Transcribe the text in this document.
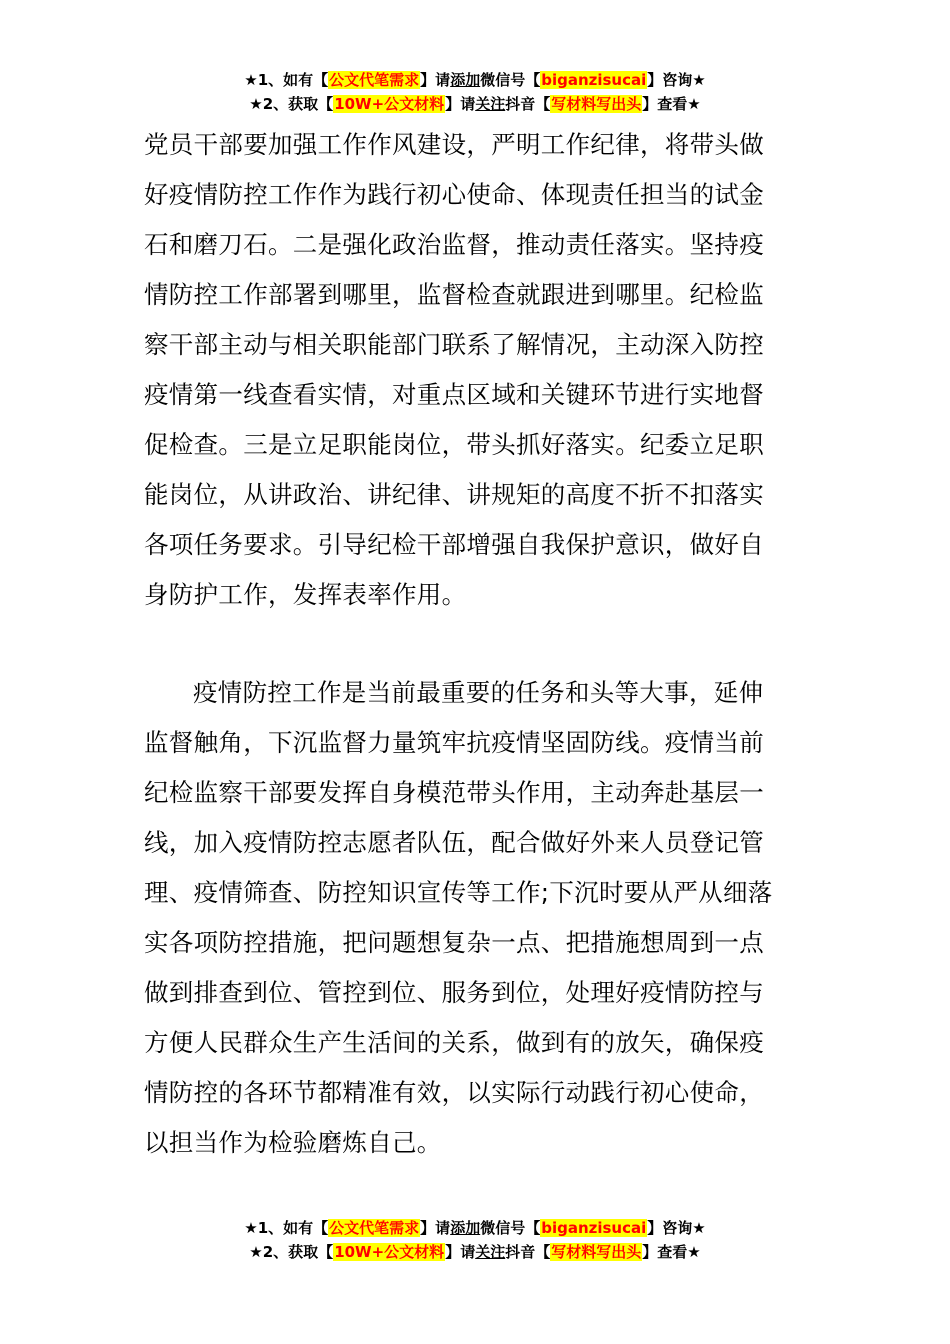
★1、如有【公文代笔需求】请添加微信号【biganzisucai】咨询★
★2、获取【10W+公文材料】请关注抖音【写材料写出头】查看★
党员干部要加强工作作风建设，严明工作纪律，将带头做
好疫情防控工作作为践行初心使命、体现责任担当的试金
石和磨刀石。二是强化政治监督，推动责任落实。坚持疫
情防控工作部署到哪里，监督检查就跟进到哪里。纪检监
察干部主动与相关职能部门联系了解情况，主动深入防控
疫情第一线查看实情，对重点区域和关键环节进行实地督
促检查。三是立足职能岗位，带头抓好落实。纪委立足职
能岗位，从讲政治、讲纪律、讲规矩的高度不折不扣落实
各项任务要求。引导纪检干部增强自我保护意识，做好自
身防护工作，发挥表率作用。
疫情防控工作是当前最重要的任务和头等大事，延伸
监督触角，下沉监督力量筑牢抗疫情坚固防线。疫情当前
纪检监察干部要发挥自身模范带头作用，主动奔赴基层一
线，加入疫情防控志愿者队伍，配合做好外来人员登记管
理、疫情筛查、防控知识宣传等工作;下沉时要从严从细落
实各项防控措施，把问题想复杂一点、把措施想周到一点
做到排查到位、管控到位、服务到位，处理好疫情防控与
方便人民群众生产生活间的关系，做到有的放矢，确保疫
情防控的各环节都精准有效，以实际行动践行初心使命，
以担当作为检验磨炼自己。
★1、如有【公文代笔需求】请添加微信号【biganzisucai】咨询★
★2、获取【10W+公文材料】请关注抖音【写材料写出头】查看★
